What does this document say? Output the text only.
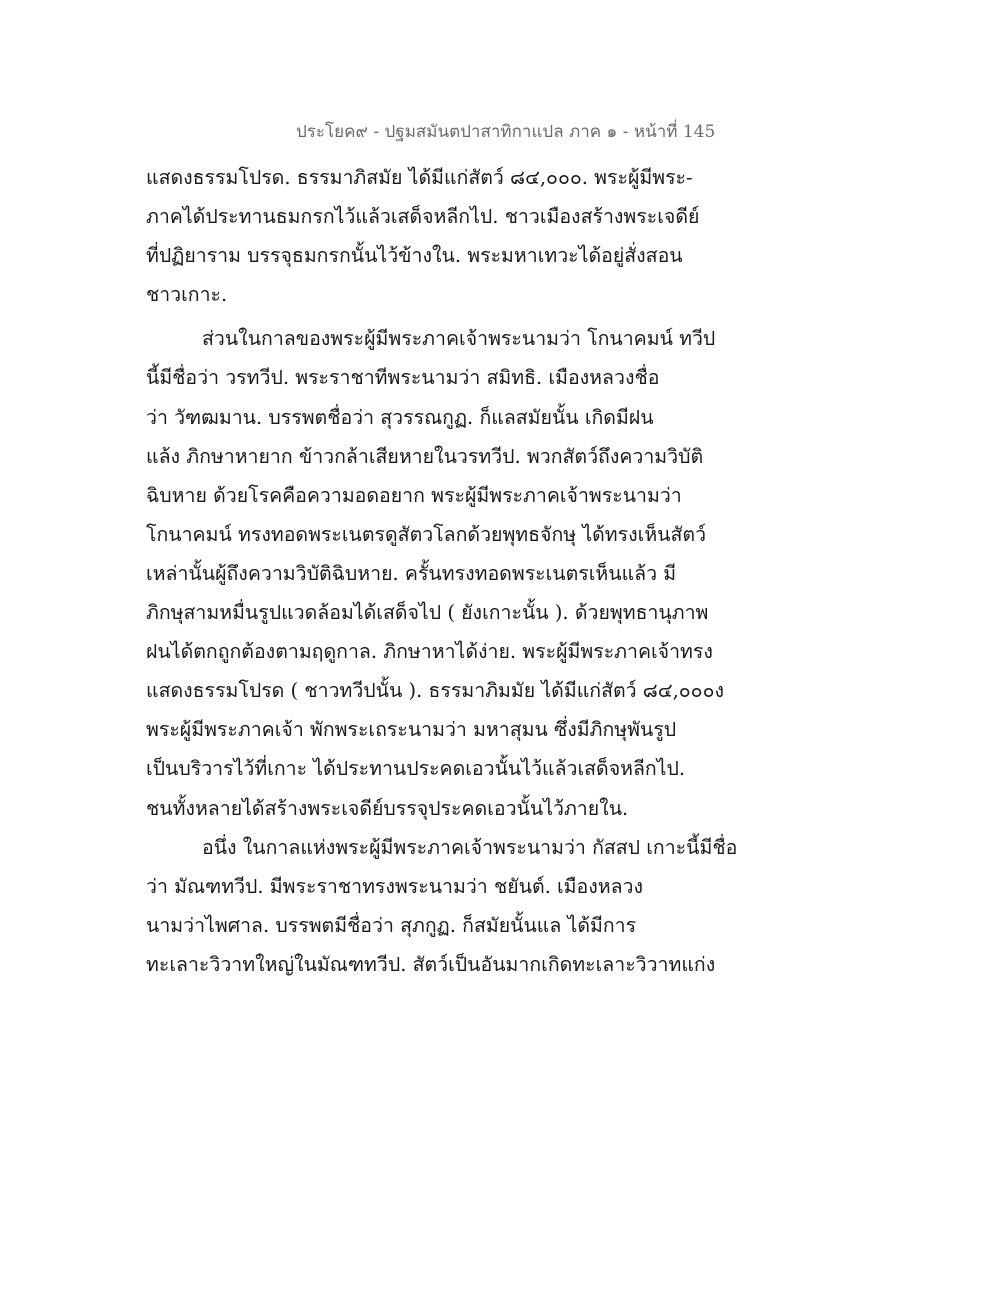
ประโยค๙ - ปฐมสมันตปาสาทิกาแปล ภาค ๑ - หน้าที่ 145
แสดงธรรมโปรด. ธรรมาภิสมัย ได้มีแก่สัตว์ ๘๔,๐๐๐. พระผู้มีพระ-
ภาคได้ประทานธมกรกไว้แล้วเสด็จหลีกไป. ชาวเมืองสร้างพระเจดีย์
ที่ปฏิยาราม บรรจุธมกรกนั้นไว้ข้างใน. พระมหาเทวะได้อยู่สั่งสอน
ชาวเกาะ.
ส่วนในกาลของพระผู้มีพระภาคเจ้าพระนามว่า โกนาคมน์ ทวีป
นี้มีชื่อว่า วรทวีป. พระราชาทีพระนามว่า สมิทธิ. เมืองหลวงชื่อ
ว่า วัฑฒมาน. บรรพตชื่อว่า สุวรรณกูฏ. ก็แลสมัยนั้น เกิดมีฝน
แล้ง ภิกษาหายาก ข้าวกล้าเสียหายในวรทวีป. พวกสัตว์ถึงความวิบัติ
ฉิบหาย ด้วยโรคคือความอดอยาก พระผู้มีพระภาคเจ้าพระนามว่า
โกนาคมน์ ทรงทอดพระเนตรดูสัตวโลกด้วยพุทธจักษุ ได้ทรงเห็นสัตว์
เหล่านั้นผู้ถึงความวิบัติฉิบหาย. ครั้นทรงทอดพระเนตรเห็นแล้ว มี
ภิกษุสามหมื่นรูปแวดล้อมได้เสด็จไป ( ยังเกาะนั้น ). ด้วยพุทธานุภาพ
ฝนได้ตกถูกต้องตามฤดูกาล. ภิกษาหาได้ง่าย. พระผู้มีพระภาคเจ้าทรง
แสดงธรรมโปรด ( ชาวทวีปนั้น ). ธรรมาภิมมัย ได้มีแก่สัตว์ ๘๔,๐๐๐ง
พระผู้มีพระภาคเจ้า พักพระเถระนามว่า มหาสุมน ซึ่งมีภิกษุพันรูป
เป็นบริวารไว้ที่เกาะ ได้ประทานประคดเอวนั้นไว้แล้วเสด็จหลีกไป.
ชนทั้งหลายได้สร้างพระเจดีย์บรรจุประคดเอวนั้นไว้ภายใน.
อนึ่ง ในกาลแห่งพระผู้มีพระภาคเจ้าพระนามว่า กัสสป เกาะนี้มีชื่อ
ว่า มัณฑทวีป. มีพระราชาทรงพระนามว่า ชยันต์. เมืองหลวง
นามว่าไพศาล. บรรพตมีชื่อว่า สุภกูฏ. ก็สมัยนั้นแล ได้มีการ
ทะเลาะวิวาทใหญ่ในมัณฑทวีป. สัตว์เป็นอันมากเกิดทะเลาะวิวาทแก่ง
